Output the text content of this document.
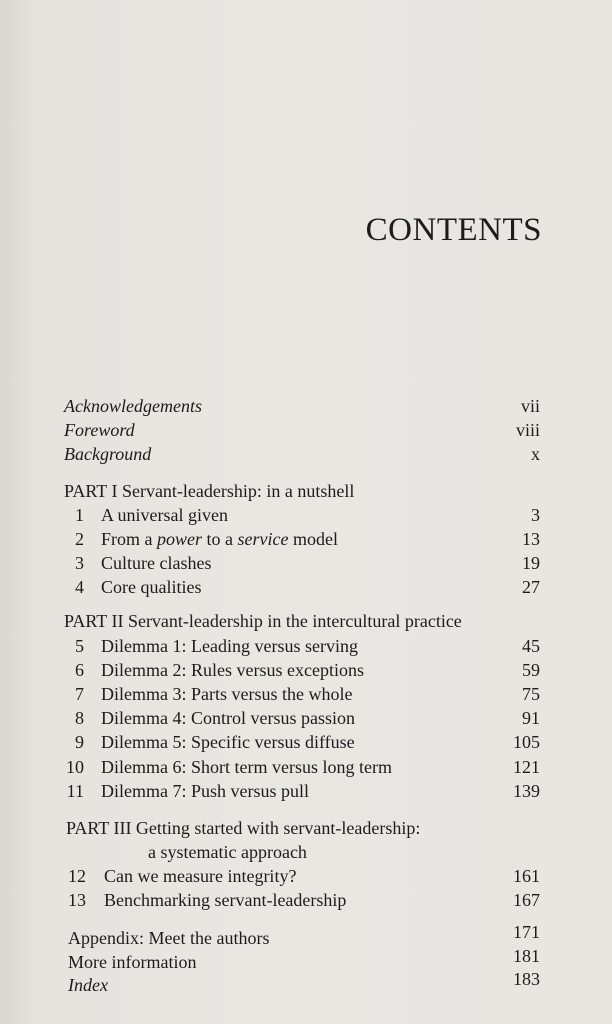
CONTENTS
Acknowledgements	vii
Foreword	viii
Background	x
PART I Servant-leadership: in a nutshell
1 A universal given	3
2 From a power to a service model	13
3 Culture clashes	19
4 Core qualities	27
PART II Servant-leadership in the intercultural practice
5 Dilemma 1: Leading versus serving	45
6 Dilemma 2: Rules versus exceptions	59
7 Dilemma 3: Parts versus the whole	75
8 Dilemma 4: Control versus passion	91
9 Dilemma 5: Specific versus diffuse	105
10 Dilemma 6: Short term versus long term	121
11 Dilemma 7: Push versus pull	139
PART III Getting started with servant-leadership:
a systematic approach
12 Can we measure integrity?	161
13 Benchmarking servant-leadership	167
Appendix: Meet the authors	171
More information	181
Index	183
